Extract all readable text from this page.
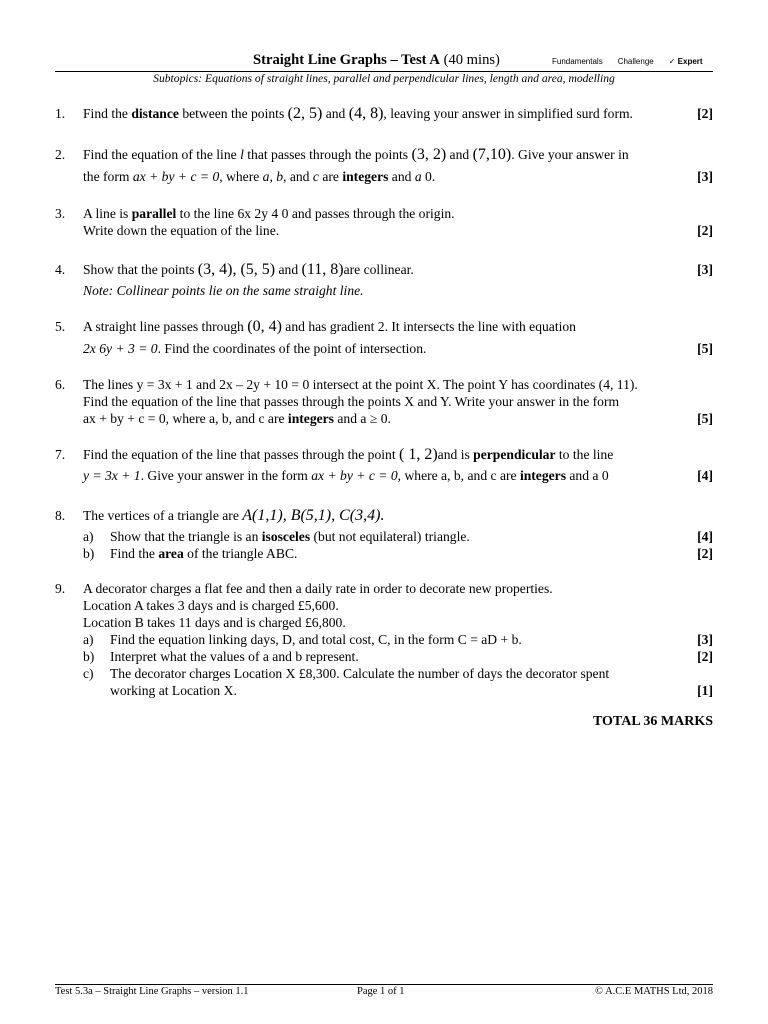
Straight Line Graphs – Test A (40 mins)	Fundamentals Challenge ✓ Expert
Subtopics: Equations of straight lines, parallel and perpendicular lines, length and area, modelling
1. Find the distance between the points (2, 5) and (4, 8), leaving your answer in simplified surd form.	[2]
2. Find the equation of the line l that passes through the points (3, 2) and (7,10). Give your answer in
the form ax + by + c = 0, where a, b, and c are integers and a 0.	[3]
3. A line is parallel to the line 6x 2y 4 0 and passes through the origin.
Write down the equation of the line.	[2]
4. Show that the points (3, 4), (5, 5) and (11, 8)are collinear.	[3]
Note: Collinear points lie on the same straight line.
5. A straight line passes through (0, 4) and has gradient 2. It intersects the line with equation
2x 6y + 3 = 0. Find the coordinates of the point of intersection.	[5]
6. The lines y = 3x + 1 and 2x – 2y + 10 = 0 intersect at the point X. The point Y has coordinates (4, 11).
Find the equation of the line that passes through the points X and Y. Write your answer in the form
ax + by + c = 0, where a, b, and c are integers and a ≥ 0.	[5]
7. Find the equation of the line that passes through the point ( 1, 2)and is perpendicular to the line
y = 3x + 1. Give your answer in the form ax + by + c = 0, where a, b, and c are integers and a 0	[4]
8. The vertices of a triangle are A(1,1), B(5,1), C(3,4).
a) Show that the triangle is an isosceles (but not equilateral) triangle.	[4]
b) Find the area of the triangle ABC.	[2]
9. A decorator charges a flat fee and then a daily rate in order to decorate new properties.
Location A takes 3 days and is charged £5,600.
Location B takes 11 days and is charged £6,800.
a) Find the equation linking days, D, and total cost, C, in the form C = aD + b.	[3]
b) Interpret what the values of a and b represent.	[2]
c) The decorator charges Location X £8,300. Calculate the number of days the decorator spent
working at Location X.	[1]
TOTAL 36 MARKS
Test 5.3a – Straight Line Graphs – version 1.1	Page 1 of 1	© A.C.E MATHS Ltd, 2018
